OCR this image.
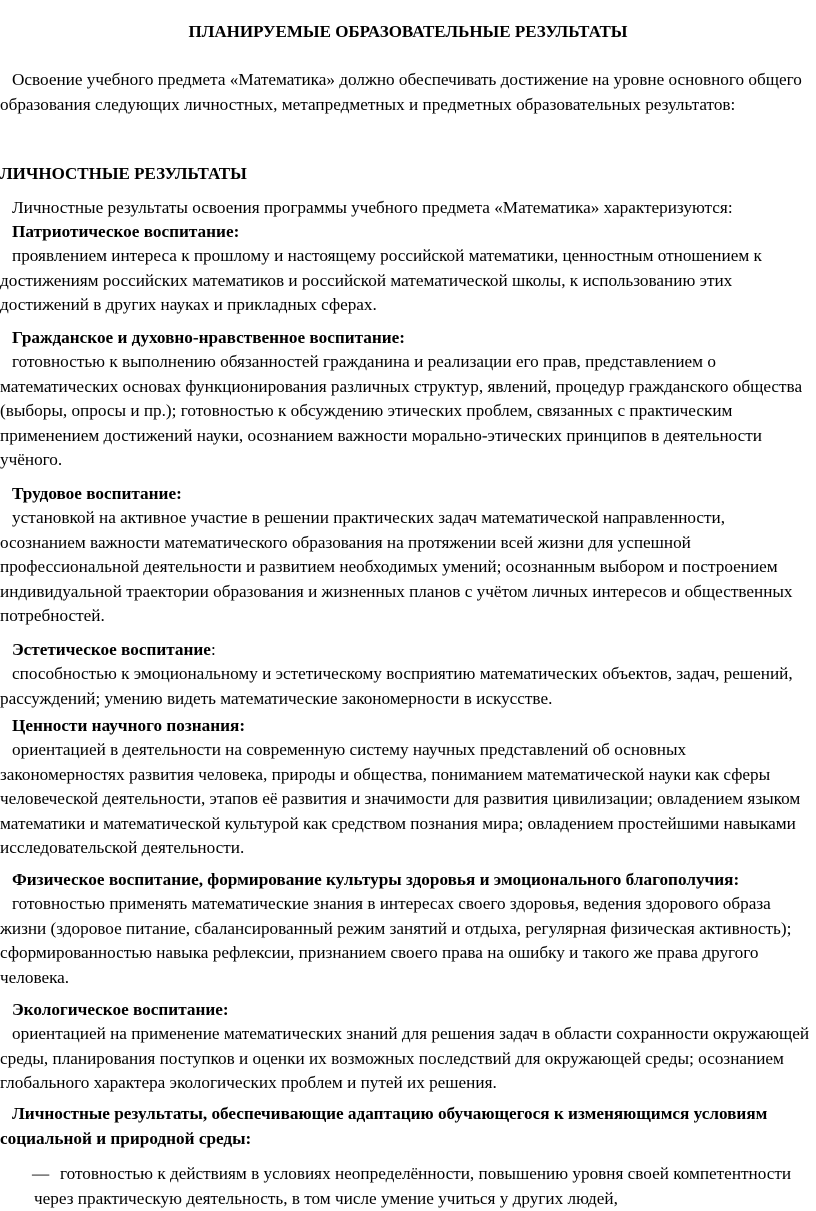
ПЛАНИРУЕМЫЕ ОБРАЗОВАТЕЛЬНЫЕ РЕЗУЛЬТАТЫ

Освоение учебного предмета «Математика» должно обеспечивать достижение на уровне основного общего образования следующих личностных, метапредметных и предметных образовательных результатов:

ЛИЧНОСТНЫЕ РЕЗУЛЬТАТЫ

Личностные результаты освоения программы учебного предмета «Математика» характеризуются:

Патриотическое воспитание:

проявлением интереса к прошлому и настоящему российской математики, ценностным отношением к достижениям российских математиков и российской математической школы, к использованию этих достижений в других науках и прикладных сферах.

Гражданское и духовно-нравственное воспитание:

готовностью к выполнению обязанностей гражданина и реализации его прав, представлением о математических основах функционирования различных структур, явлений, процедур гражданского общества (выборы, опросы и пр.); готовностью к обсуждению этических проблем, связанных с практическим применением достижений науки, осознанием важности морально-этических принципов в деятельности учёного.

Трудовое воспитание:

установкой на активное участие в решении практических задач математической направленности, осознанием важности математического образования на протяжении всей жизни для успешной профессиональной деятельности и развитием необходимых умений; осознанным выбором и построением индивидуальной траектории образования и жизненных планов с учётом личных интересов и общественных потребностей.

Эстетическое воспитание:

способностью к эмоциональному и эстетическому восприятию математических объектов, задач, решений, рассуждений; умению видеть математические закономерности в искусстве.

Ценности научного познания:

ориентацией в деятельности на современную систему научных представлений об основных закономерностях развития человека, природы и общества, пониманием математической науки как сферы человеческой деятельности, этапов её развития и значимости для развития цивилизации; овладением языком математики и математической культурой как средством познания мира; овладением простейшими навыками исследовательской деятельности.

Физическое воспитание, формирование культуры здоровья и эмоционального благополучия:

готовностью применять математические знания в интересах своего здоровья, ведения здорового образа жизни (здоровое питание, сбалансированный режим занятий и отдыха, регулярная физическая активность); сформированностью навыка рефлексии, признанием своего права на ошибку и такого же права другого человека.

Экологическое воспитание:

ориентацией на применение математических знаний для решения задач в области сохранности окружающей среды, планирования поступков и оценки их возможных последствий для окружающей среды; осознанием глобального характера экологических проблем и путей их решения.

Личностные результаты, обеспечивающие адаптацию обучающегося к изменяющимся условиям социальной и природной среды:

— готовностью к действиям в условиях неопределённости, повышению уровня своей компетентности через практическую деятельность, в том числе умение учиться у других людей,
